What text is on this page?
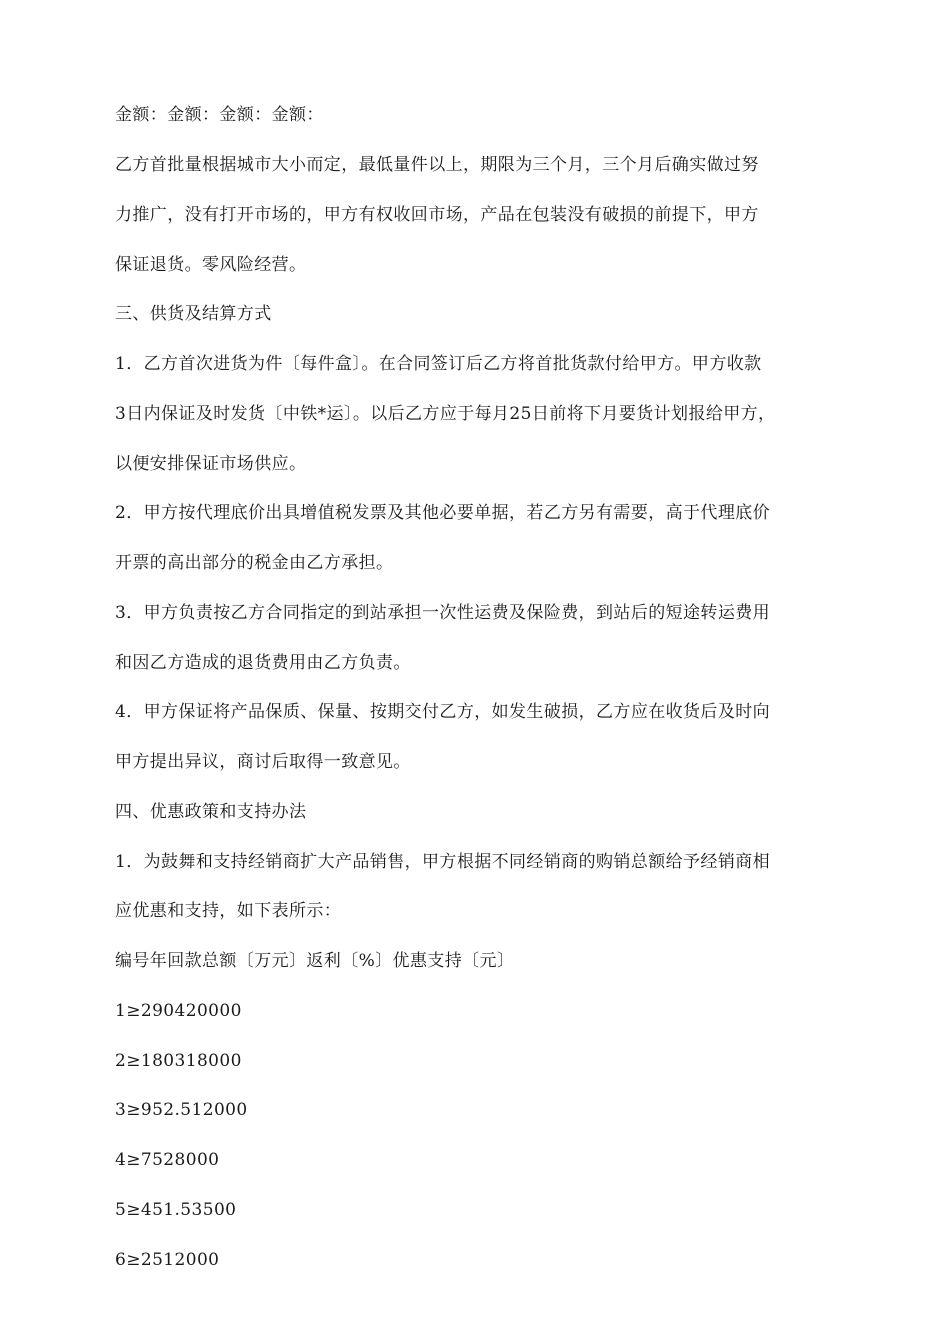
金额：金额：金额：金额：
乙方首批量根据城市大小而定，最低量件以上，期限为三个月，三个月后确实做过努
力推广，没有打开市场的，甲方有权收回市场，产品在包装没有破损的前提下，甲方
保证退货。零风险经营。
三、供货及结算方式
1．乙方首次进货为件〔每件盒〕。在合同签订后乙方将首批货款付给甲方。甲方收款
3日内保证及时发货〔中铁*运〕。以后乙方应于每月25日前将下月要货计划报给甲方，
以便安排保证市场供应。
2．甲方按代理底价出具增值税发票及其他必要单据，若乙方另有需要，高于代理底价
开票的高出部分的税金由乙方承担。
3．甲方负责按乙方合同指定的到站承担一次性运费及保险费，到站后的短途转运费用
和因乙方造成的退货费用由乙方负责。
4．甲方保证将产品保质、保量、按期交付乙方，如发生破损，乙方应在收货后及时向
甲方提出异议，商讨后取得一致意见。
四、优惠政策和支持办法
1．为鼓舞和支持经销商扩大产品销售，甲方根据不同经销商的购销总额给予经销商相
应优惠和支持，如下表所示：
编号年回款总额〔万元〕返利〔%〕优惠支持〔元〕
1≥290420000
2≥180318000
3≥952.512000
4≥7528000
5≥451.53500
6≥2512000
